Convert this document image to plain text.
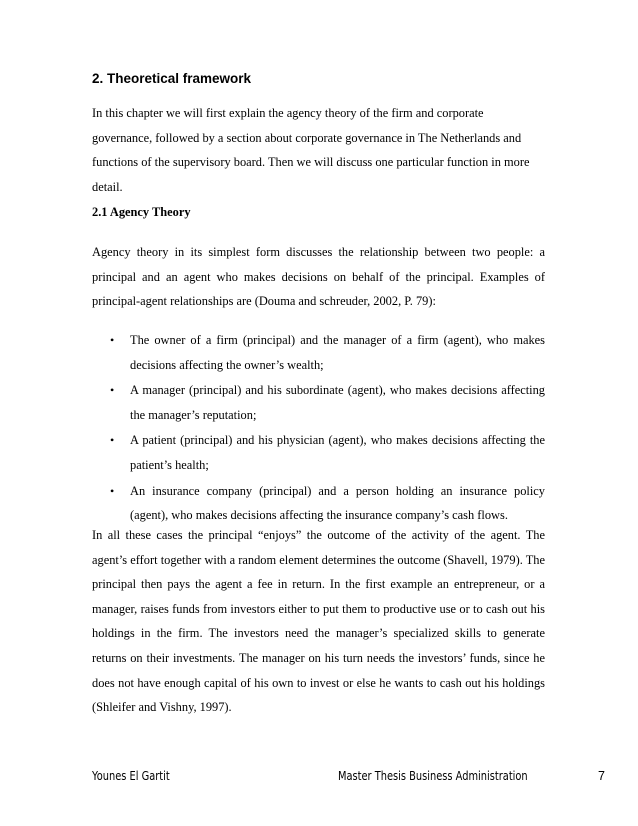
2. Theoretical framework

In this chapter we will first explain the agency theory of the firm and corporate governance, followed by a section about corporate governance in The Netherlands and functions of the supervisory board. Then we will discuss one particular function in more detail.

2.1 Agency Theory

Agency theory in its simplest form discusses the relationship between two people: a principal and an agent who makes decisions on behalf of the principal. Examples of principal-agent relationships are (Douma and schreuder, 2002, P. 79):

• The owner of a firm (principal) and the manager of a firm (agent), who makes decisions affecting the owner’s wealth;
• A manager (principal) and his subordinate (agent), who makes decisions affecting the manager’s reputation;
• A patient (principal) and his physician (agent), who makes decisions affecting the patient’s health;
• An insurance company (principal) and a person holding an insurance policy (agent), who makes decisions affecting the insurance company’s cash flows.

In all these cases the principal “enjoys” the outcome of the activity of the agent. The agent’s effort together with a random element determines the outcome (Shavell, 1979). The principal then pays the agent a fee in return. In the first example an entrepreneur, or a manager, raises funds from investors either to put them to productive use or to cash out his holdings in the firm. The investors need the manager’s specialized skills to generate returns on their investments. The manager on his turn needs the investors’ funds, since he does not have enough capital of his own to invest or else he wants to cash out his holdings (Shleifer and Vishny, 1997).

Younes El Gartit	Master Thesis Business Administration	7
